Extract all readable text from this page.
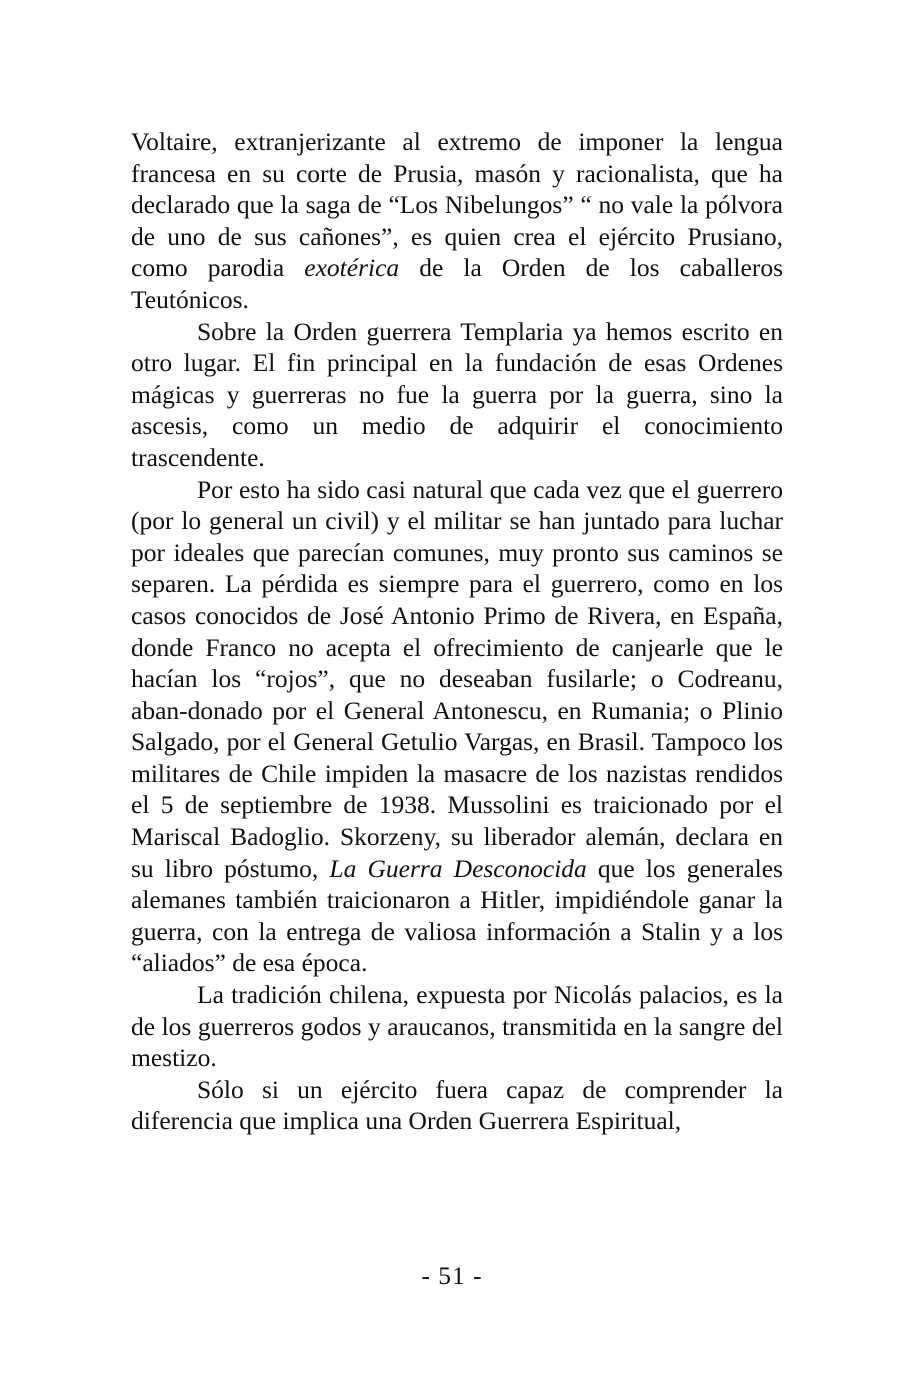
Voltaire, extranjerizante al extremo de imponer la lengua francesa en su corte de Prusia, masón y racionalista, que ha declarado que la saga de “Los Nibelungos” “ no vale la pólvora de uno de sus cañones”, es quien crea el ejército Prusiano, como parodia exotérica de la Orden de los caballeros Teutónicos.

Sobre la Orden guerrera Templaria ya hemos escrito en otro lugar. El fin principal en la fundación de esas Ordenes mágicas y guerreras no fue la guerra por la guerra, sino la ascesis, como un medio de adquirir el conocimiento trascendente.

Por esto ha sido casi natural que cada vez que el guerrero (por lo general un civil) y el militar se han juntado para luchar por ideales que parecían comunes, muy pronto sus caminos se separen. La pérdida es siempre para el guerrero, como en los casos conocidos de José Antonio Primo de Rivera, en España, donde Franco no acepta el ofrecimiento de canjearle que le hacían los “rojos”, que no deseaban fusilarle; o Codreanu, aban-donado por el General Antonescu, en Rumania; o Plinio Salgado, por el General Getulio Vargas, en Brasil. Tampoco los militares de Chile impiden la masacre de los nazistas rendidos el 5 de septiembre de 1938. Mussolini es traicionado por el Mariscal Badoglio. Skorzeny, su liberador alemán, declara en su libro póstumo, La Guerra Desconocida que los generales alemanes también traicionaron a Hitler, impidiéndole ganar la guerra, con la entrega de valiosa información a Stalin y a los “aliados” de esa época.

La tradición chilena, expuesta por Nicolás palacios, es la de los guerreros godos y araucanos, transmitida en la sangre del mestizo.

Sólo si un ejército fuera capaz de comprender la diferencia que implica una Orden Guerrera Espiritual,

- 51 -
